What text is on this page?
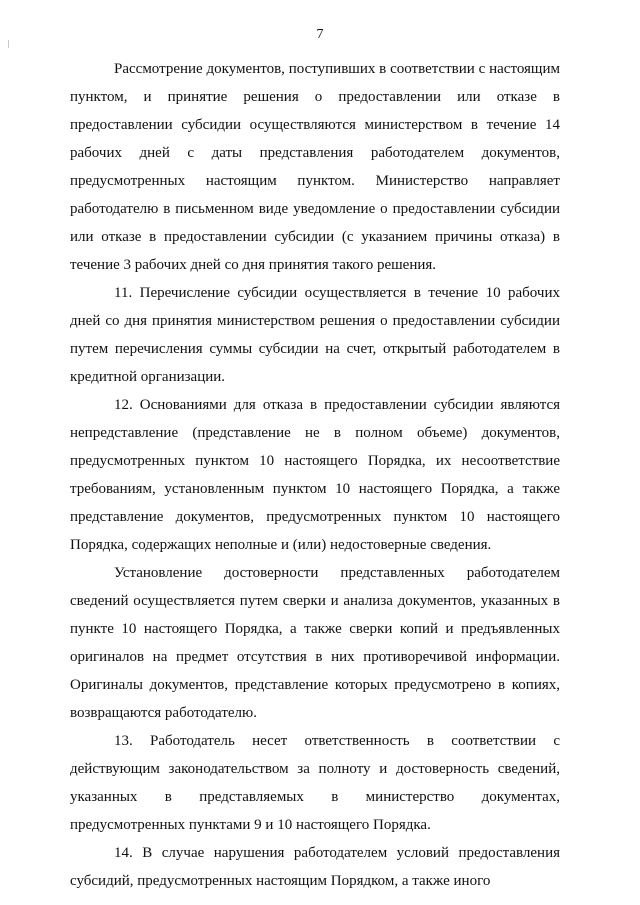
7

Рассмотрение документов, поступивших в соответствии с настоящим пунктом, и принятие решения о предоставлении или отказе в предоставлении субсидии осуществляются министерством в течение 14 рабочих дней с даты представления работодателем документов, предусмотренных настоящим пунктом. Министерство направляет работодателю в письменном виде уведомление о предоставлении субсидии или отказе в предоставлении субсидии (с указанием причины отказа) в течение 3 рабочих дней со дня принятия такого решения.

11. Перечисление субсидии осуществляется в течение 10 рабочих дней со дня принятия министерством решения о предоставлении субсидии путем перечисления суммы субсидии на счет, открытый работодателем в кредитной организации.

12. Основаниями для отказа в предоставлении субсидии являются непредставление (представление не в полном объеме) документов, предусмотренных пунктом 10 настоящего Порядка, их несоответствие требованиям, установленным пунктом 10 настоящего Порядка, а также представление документов, предусмотренных пунктом 10 настоящего Порядка, содержащих неполные и (или) недостоверные сведения.

Установление достоверности представленных работодателем сведений осуществляется путем сверки и анализа документов, указанных в пункте 10 настоящего Порядка, а также сверки копий и предъявленных оригиналов на предмет отсутствия в них противоречивой информации. Оригиналы документов, представление которых предусмотрено в копиях, возвращаются работодателю.

13. Работодатель несет ответственность в соответствии с действующим законодательством за полноту и достоверность сведений, указанных в представляемых в министерство документах, предусмотренных пунктами 9 и 10 настоящего Порядка.

14. В случае нарушения работодателем условий предоставления субсидий, предусмотренных настоящим Порядком, а также иного
